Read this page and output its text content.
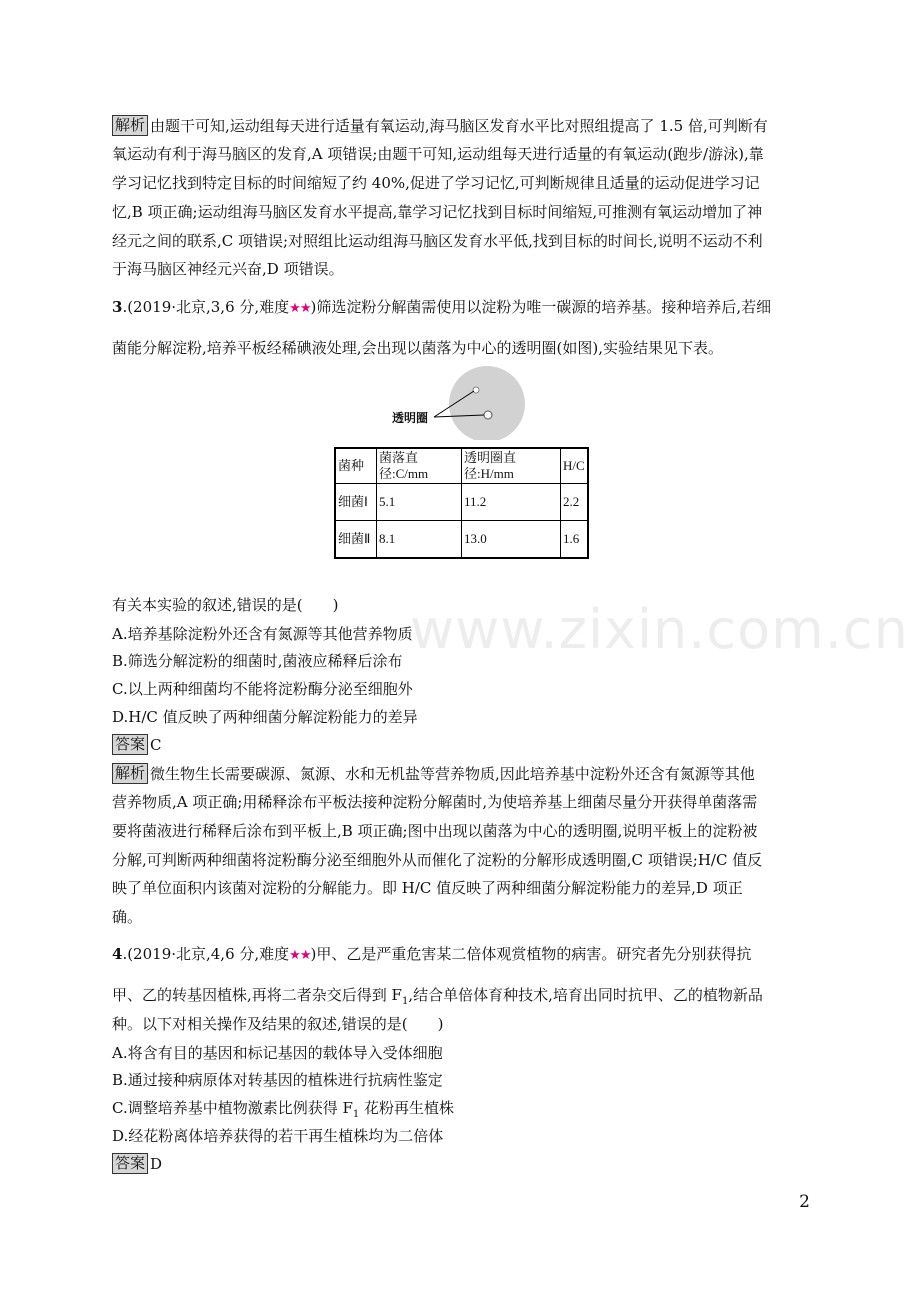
解析 由题干可知,运动组每天进行适量有氧运动,海马脑区发育水平比对照组提高了 1.5 倍,可判断有
氧运动有利于海马脑区的发育,A 项错误;由题干可知,运动组每天进行适量的有氧运动(跑步/游泳),靠
学习记忆找到特定目标的时间缩短了约 40%,促进了学习记忆,可判断规律且适量的运动促进学习记
忆,B 项正确;运动组海马脑区发育水平提高,靠学习记忆找到目标时间缩短,可推测有氧运动增加了神
经元之间的联系,C 项错误;对照组比运动组海马脑区发育水平低,找到目标的时间长,说明不运动不利
于海马脑区神经元兴奋,D 项错误。
3.(2019·北京,3,6 分,难度★★)筛选淀粉分解菌需使用以淀粉为唯一碳源的培养基。接种培养后,若细
菌能分解淀粉,培养平板经稀碘液处理,会出现以菌落为中心的透明圈(如图),实验结果见下表。
透明圈
菌种	菌落直径:C/mm	透明圈直径:H/mm	H/C
细菌Ⅰ	5.1	11.2	2.2
细菌Ⅱ	8.1	13.0	1.6
有关本实验的叙述,错误的是(　　)
A.培养基除淀粉外还含有氮源等其他营养物质
B.筛选分解淀粉的细菌时,菌液应稀释后涂布
C.以上两种细菌均不能将淀粉酶分泌至细胞外
D.H/C 值反映了两种细菌分解淀粉能力的差异
答案 C
解析 微生物生长需要碳源、氮源、水和无机盐等营养物质,因此培养基中淀粉外还含有氮源等其他
营养物质,A 项正确;用稀释涂布平板法接种淀粉分解菌时,为使培养基上细菌尽量分开获得单菌落需
要将菌液进行稀释后涂布到平板上,B 项正确;图中出现以菌落为中心的透明圈,说明平板上的淀粉被
分解,可判断两种细菌将淀粉酶分泌至细胞外从而催化了淀粉的分解形成透明圈,C 项错误;H/C 值反
映了单位面积内该菌对淀粉的分解能力。即 H/C 值反映了两种细菌分解淀粉能力的差异,D 项正
确。
4.(2019·北京,4,6 分,难度★★)甲、乙是严重危害某二倍体观赏植物的病害。研究者先分别获得抗
甲、乙的转基因植株,再将二者杂交后得到 $F_1$,结合单倍体育种技术,培育出同时抗甲、乙的植物新品
种。以下对相关操作及结果的叙述,错误的是(　　)
A.将含有目的基因和标记基因的载体导入受体细胞
B.通过接种病原体对转基因的植株进行抗病性鉴定
C.调整培养基中植物激素比例获得 $F_1$ 花粉再生植株
D.经花粉离体培养获得的若干再生植株均为二倍体
答案 D
www.zixin.com.cn
2
